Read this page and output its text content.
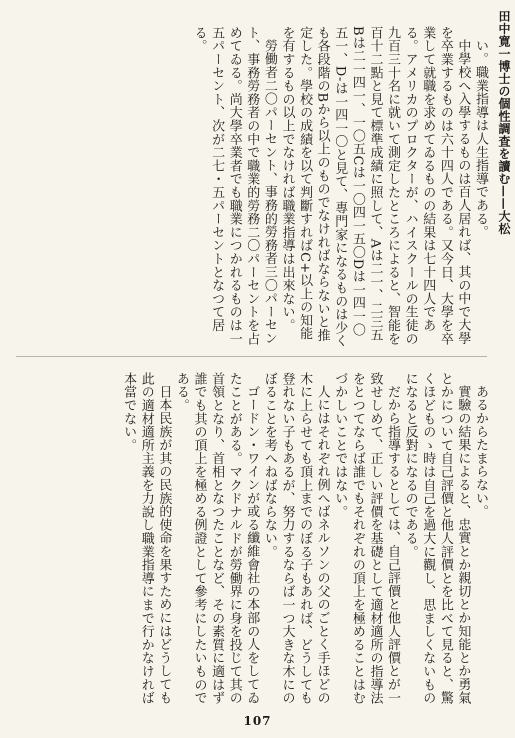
田中寛一博士の個性調査を讀む——大松

い。職業指導は人生指導である。

中學校へ入學するものは百人居れば、其の中で大學を卒業するものは六十四人である。又今日、大學を卒業して就職を求めてゐるものの結果は七十四人である。アメリカのプロクターが、ハイスクールの生徒の九百三十名に就いて測定したところによると、智能を百十二點と見て標準成績に照して、Aは二一、二三五Bは二一四一、一〇五Cは一〇四一五〇Dは一四一〇五一、D-は一四一〇と見て、專門家になるものは少くも各段階のBから以上のものでなければならないと推定した。學校の成績を以て判斷すればC+以上の知能を有するもの以上でなければ職業指導は出來ない。

勞働者二〇パーセント、事務的勞務者三〇パーセント、事務勞務者の中で職業的勞務二〇パーセントを占めてゐる。尚大學卒業者でも職業につかれるものは一五パーセント、次が二七・五パーセントとなつて居る。

あるからたまらない。

實驗の結果によると、忠實とか親切とか知能とか勇氣とかについて自己評價と他人評價とを比べて見ると、驚くほどものゝ時は自己を過大に觀し、思ましくないものになると反對になるのである。

だから指導するとしては、自己評價と他人評價とが一致せしめて、正しい評價を基礎として適材適所の指導法をとつてならば誰でもそれぞれの頂上を極めることはむづかしいことではない。

人にはそれぞれ例へばネルソンの父のごとく手ほどの木に上らせても頂上までのぼる子もあれば、どうしても登れない子もあるが、努力するならば一つ大きな木にのぼることを考へねばならない。

ゴードン・ワインが或る纖維會社の本部の人をしてゐたことがある。マクドナルドが勞働界に身を投じて其の首領となり、首相となつたことなど、その素質に適はず誰でも其の頂上を極める例證として參考にしたいものである。

日本民族が其の民族的使命を果すためにはどうしても此の適材適所主義を力說し職業指導にまで行かなければ本當でない。

107
